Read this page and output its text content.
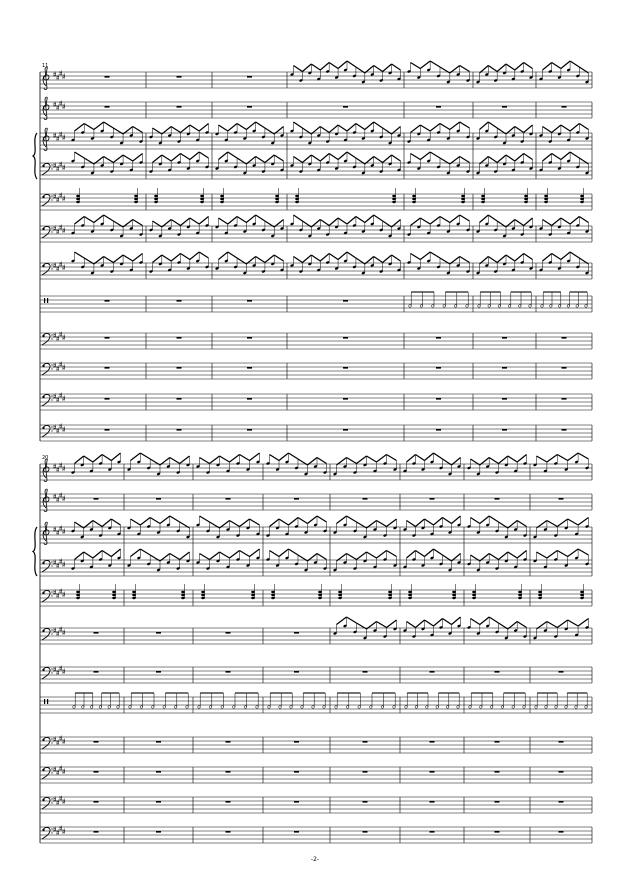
11
20
-2-
